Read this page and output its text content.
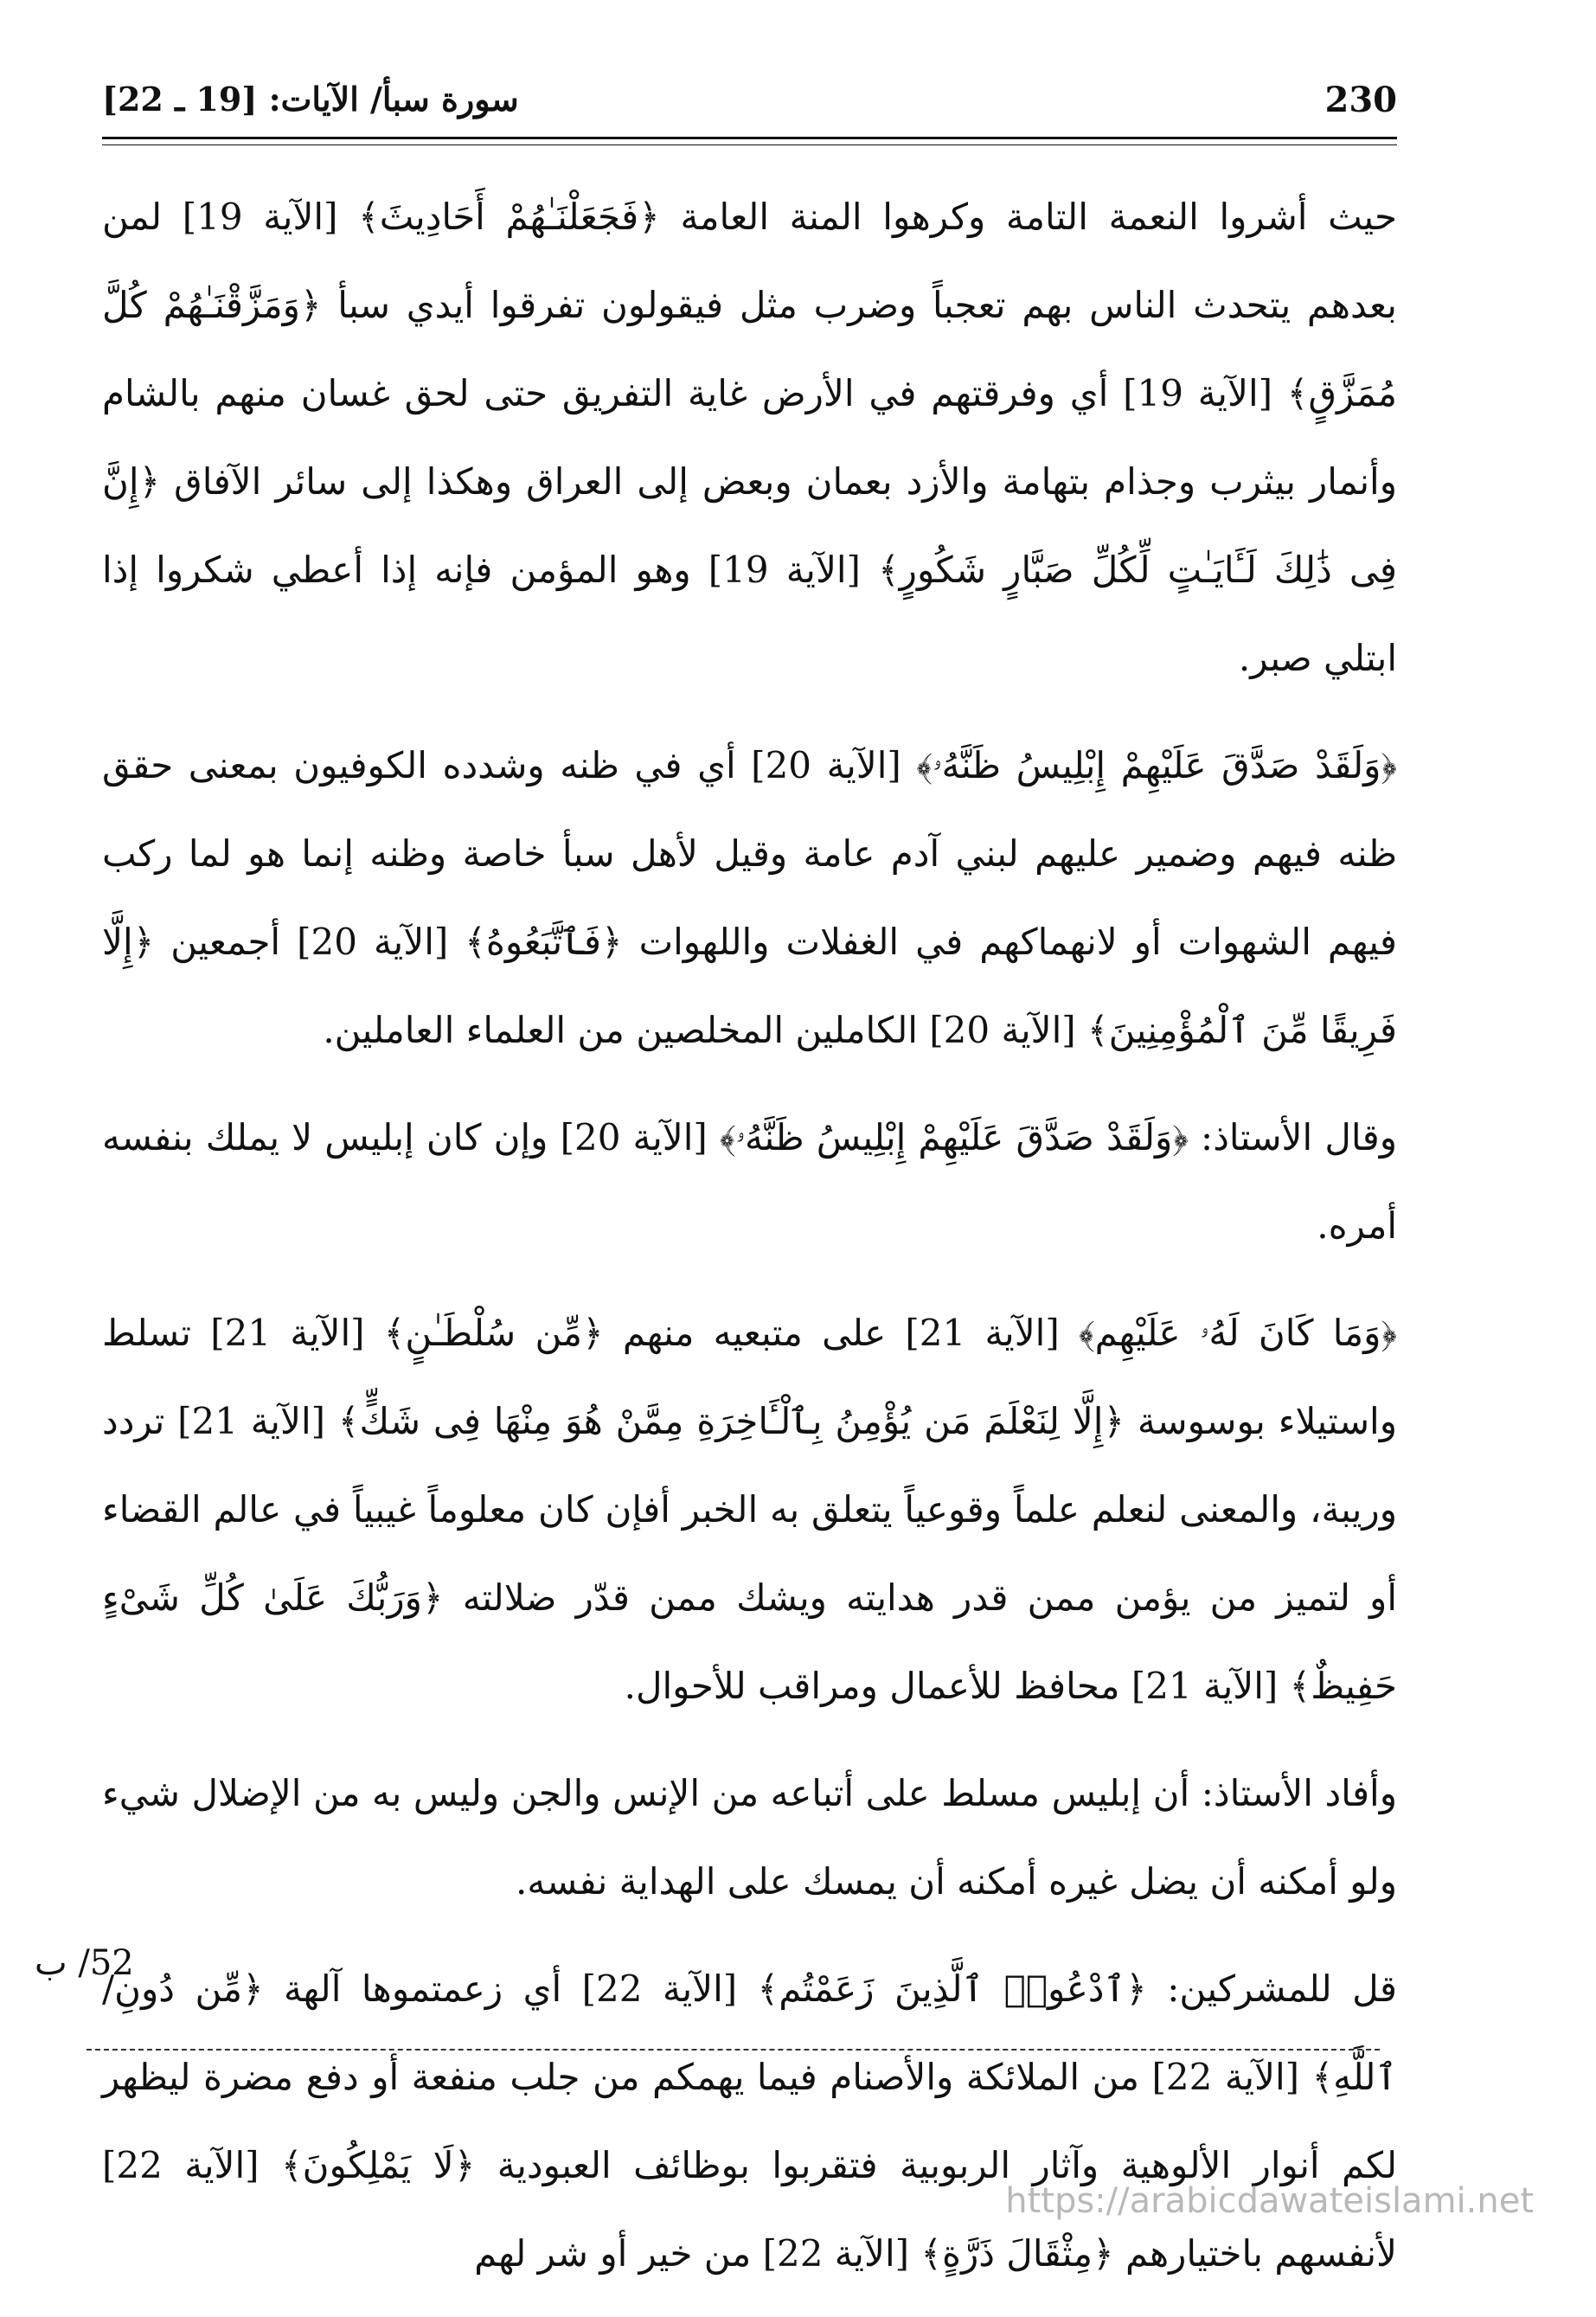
230
سورة سبأ/ الآيات: [19 ـ 22]

حيث أشروا النعمة التامة وكرهوا المنة العامة ﴿فَجَعَلْنَـٰهُمْ أَحَادِيثَ﴾ [الآية 19] لمن بعدهم يتحدث الناس بهم تعجباً وضرب مثل فيقولون تفرقوا أيدي سبأ ﴿وَمَزَّقْنَـٰهُمْ كُلَّ مُمَزَّقٍ﴾ [الآية 19] أي وفرقتهم في الأرض غاية التفريق حتى لحق غسان منهم بالشام وأنمار بيثرب وجذام بتهامة والأزد بعمان وبعض إلى العراق وهكذا إلى سائر الآفاق ﴿إِنَّ فِى ذَٰلِكَ لَـَٔايَـٰتٍ لِّكُلِّ صَبَّارٍ شَكُورٍ﴾ [الآية 19] وهو المؤمن فإنه إذا أعطي شكروا إذا ابتلي صبر.

﴿وَلَقَدْ صَدَّقَ عَلَيْهِمْ إِبْلِيسُ ظَنَّهُۥ﴾ [الآية 20] أي في ظنه وشدده الكوفيون بمعنى حقق ظنه فيهم وضمير عليهم لبني آدم عامة وقيل لأهل سبأ خاصة وظنه إنما هو لما ركب فيهم الشهوات أو لانهماكهم في الغفلات واللهوات ﴿فَٱتَّبَعُوهُ﴾ [الآية 20] أجمعين ﴿إِلَّا فَرِيقًا مِّنَ ٱلْمُؤْمِنِينَ﴾ [الآية 20] الكاملين المخلصين من العلماء العاملين.

وقال الأستاذ: ﴿وَلَقَدْ صَدَّقَ عَلَيْهِمْ إِبْلِيسُ ظَنَّهُۥ﴾ [الآية 20] وإن كان إبليس لا يملك بنفسه أمره.

﴿وَمَا كَانَ لَهُۥ عَلَيْهِم﴾ [الآية 21] على متبعيه منهم ﴿مِّن سُلْطَـٰنٍ﴾ [الآية 21] تسلط واستيلاء بوسوسة ﴿إِلَّا لِنَعْلَمَ مَن يُؤْمِنُ بِٱلْـَٔاخِرَةِ مِمَّنْ هُوَ مِنْهَا فِى شَكٍّ﴾ [الآية 21] تردد وريبة، والمعنى لنعلم علماً وقوعياً يتعلق به الخبر أفإن كان معلوماً غيبياً في عالم القضاء أو لتميز من يؤمن ممن قدر هدايته ويشك ممن قدّر ضلالته ﴿وَرَبُّكَ عَلَىٰ كُلِّ شَىْءٍ حَفِيظٌ﴾ [الآية 21] محافظ للأعمال ومراقب للأحوال.

وأفاد الأستاذ: أن إبليس مسلط على أتباعه من الإنس والجن وليس به من الإضلال شيء ولو أمكنه أن يضل غيره أمكنه أن يمسك على الهداية نفسه.

قل للمشركين: ﴿ٱدْعُوا۟ ٱلَّذِينَ زَعَمْتُم﴾ [الآية 22] أي زعمتموها آلهة ﴿مِّن دُونِ/ ٱللَّهِ﴾ [الآية 22] من الملائكة والأصنام فيما يهمكم من جلب منفعة أو دفع مضرة ليظهر لكم أنوار الألوهية وآثار الربوبية فتقربوا بوظائف العبودية ﴿لَا يَمْلِكُونَ﴾ [الآية 22] لأنفسهم باختيارهم ﴿مِثْقَالَ ذَرَّةٍ﴾ [الآية 22] من خير أو شر لهم

52/ ب
https://arabicdawateislami.net
